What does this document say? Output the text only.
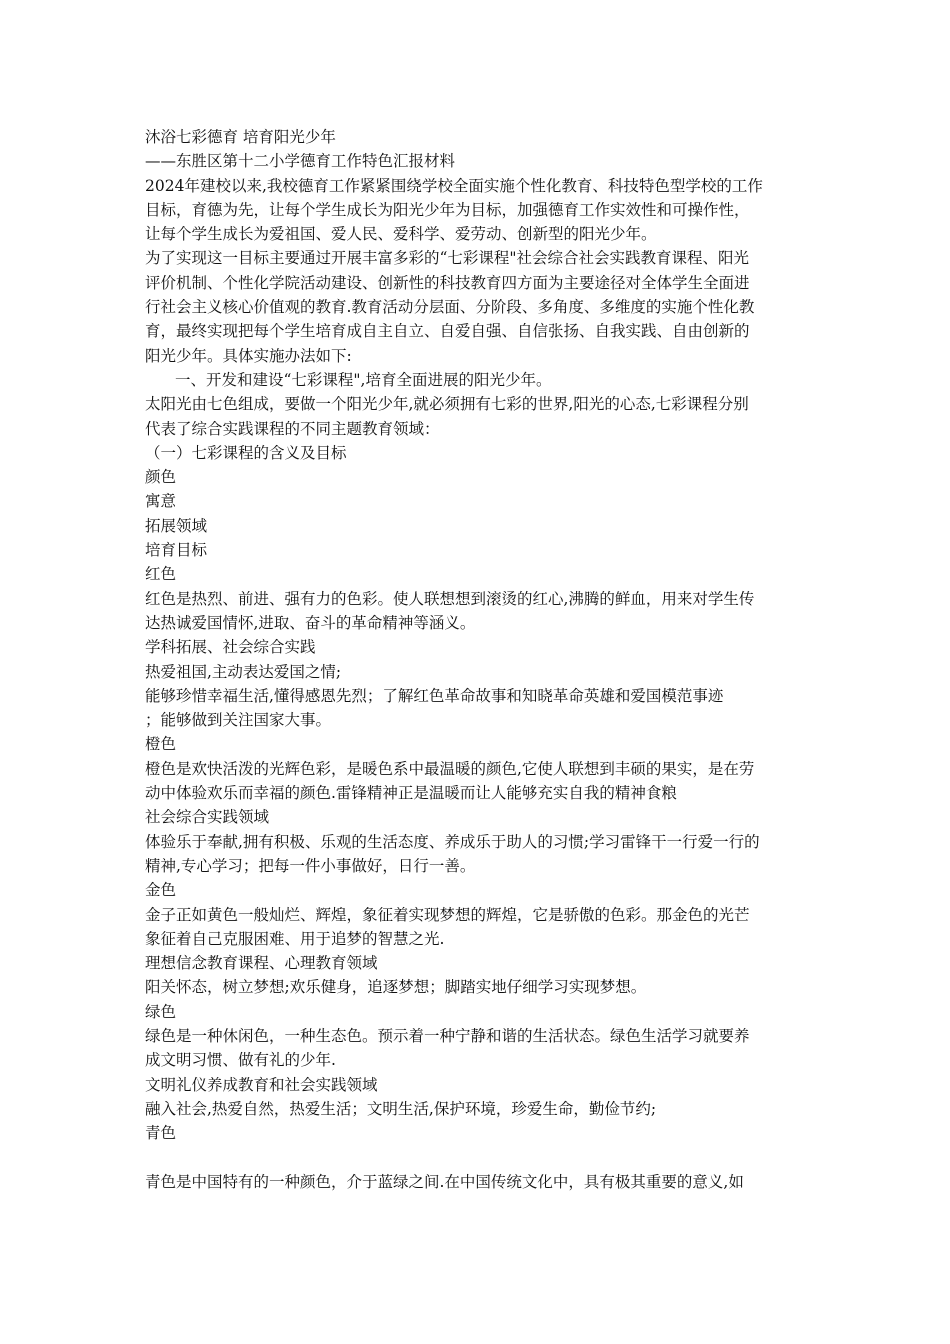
沐浴七彩德育 培育阳光少年

——东胜区第十二小学德育工作特色汇报材料

2024年建校以来,我校德育工作紧紧围绕学校全面实施个性化教育、科技特色型学校的工作

目标，育德为先，让每个学生成长为阳光少年为目标，加强德育工作实效性和可操作性，

让每个学生成长为爱祖国、爱人民、爱科学、爱劳动、创新型的阳光少年。

为了实现这一目标主要通过开展丰富多彩的“七彩课程"社会综合社会实践教育课程、阳光

评价机制、个性化学院活动建设、创新性的科技教育四方面为主要途径对全体学生全面进

行社会主义核心价值观的教育.教育活动分层面、分阶段、多角度、多维度的实施个性化教

育，最终实现把每个学生培育成自主自立、自爱自强、自信张扬、自我实践、自由创新的

阳光少年。具体实施办法如下:

一、开发和建设“七彩课程",培育全面进展的阳光少年。

太阳光由七色组成，要做一个阳光少年,就必须拥有七彩的世界,阳光的心态,七彩课程分别

代表了综合实践课程的不同主题教育领域：

（一）七彩课程的含义及目标

颜色

寓意

拓展领域

培育目标

红色

红色是热烈、前进、强有力的色彩。使人联想想到滚烫的红心,沸腾的鲜血，用来对学生传

达热诚爱国情怀,进取、奋斗的革命精神等涵义。

学科拓展、社会综合实践

热爱祖国,主动表达爱国之情;

能够珍惜幸福生活,懂得感恩先烈；了解红色革命故事和知晓革命英雄和爱国模范事迹

；能够做到关注国家大事。

橙色

橙色是欢快活泼的光辉色彩，是暖色系中最温暖的颜色,它使人联想到丰硕的果实，是在劳

动中体验欢乐而幸福的颜色.雷锋精神正是温暖而让人能够充实自我的精神食粮

社会综合实践领域

体验乐于奉献,拥有积极、乐观的生活态度、养成乐于助人的习惯;学习雷锋干一行爱一行的

精神,专心学习；把每一件小事做好，日行一善。

金色

金子正如黄色一般灿烂、辉煌，象征着实现梦想的辉煌，它是骄傲的色彩。那金色的光芒

象征着自己克服困难、用于追梦的智慧之光.

理想信念教育课程、心理教育领域

阳关怀态，树立梦想;欢乐健身，追逐梦想；脚踏实地仔细学习实现梦想。

绿色

绿色是一种休闲色，一种生态色。预示着一种宁静和谐的生活状态。绿色生活学习就要养

成文明习惯、做有礼的少年.

文明礼仪养成教育和社会实践领域

融入社会,热爱自然，热爱生活；文明生活,保护环境，珍爱生命，勤俭节约;

青色

青色是中国特有的一种颜色，介于蓝绿之间.在中国传统文化中，具有极其重要的意义,如
